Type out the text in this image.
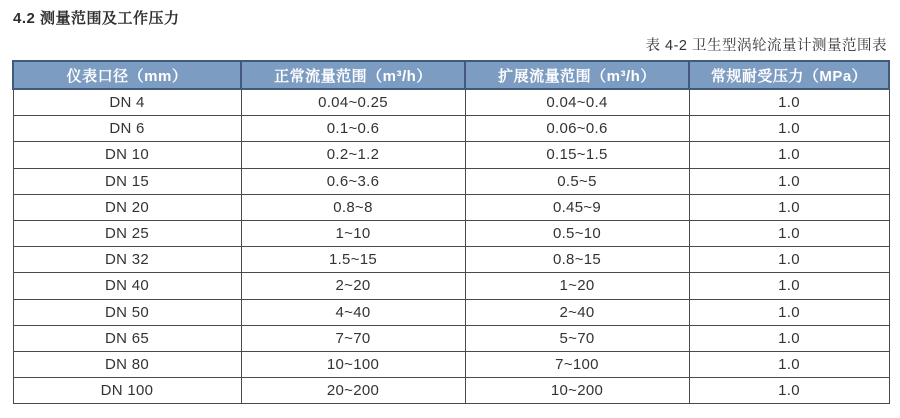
4.2 测量范围及工作压力
表 4-2 卫生型涡轮流量计测量范围表
仪表口径（mm）	正常流量范围（m³/h）	扩展流量范围（m³/h）	常规耐受压力（MPa）
DN 4	0.04~0.25	0.04~0.4	1.0
DN 6	0.1~0.6	0.06~0.6	1.0
DN 10	0.2~1.2	0.15~1.5	1.0
DN 15	0.6~3.6	0.5~5	1.0
DN 20	0.8~8	0.45~9	1.0
DN 25	1~10	0.5~10	1.0
DN 32	1.5~15	0.8~15	1.0
DN 40	2~20	1~20	1.0
DN 50	4~40	2~40	1.0
DN 65	7~70	5~70	1.0
DN 80	10~100	7~100	1.0
DN 100	20~200	10~200	1.0
